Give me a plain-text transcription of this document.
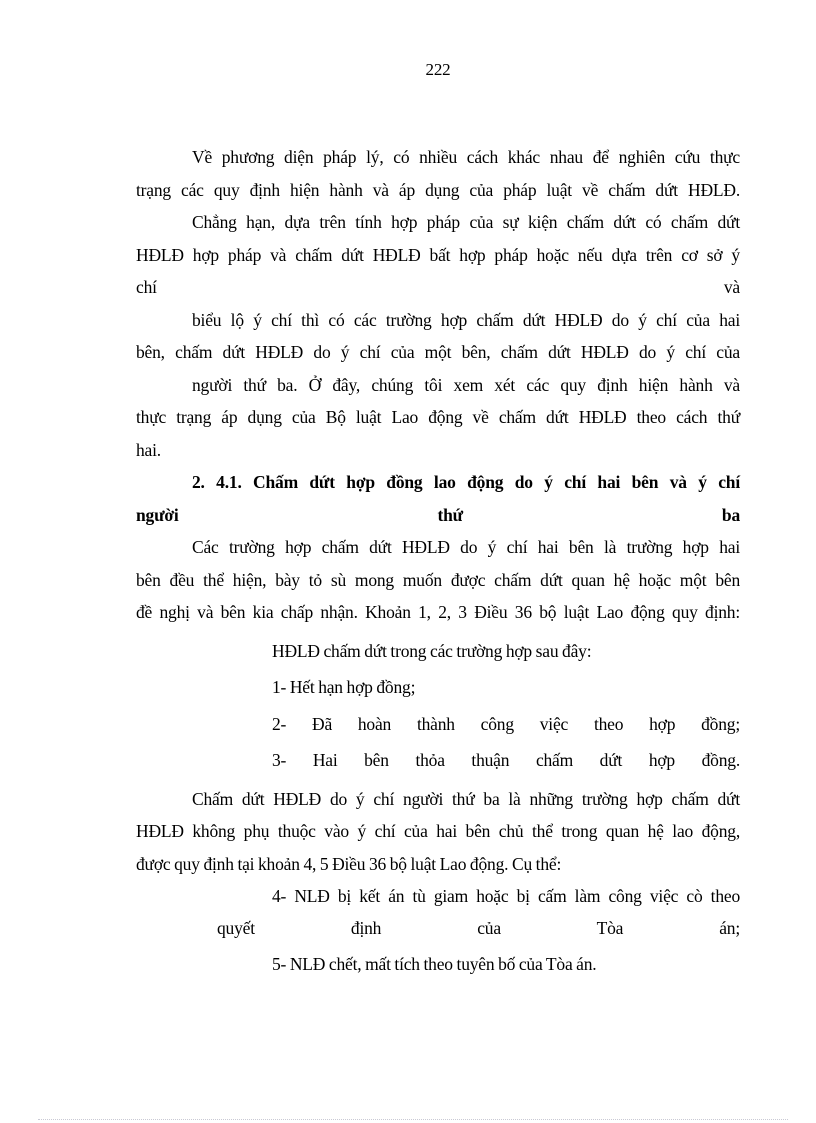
222
Về phương diện pháp lý, có nhiều cách khác nhau để nghiên cứu thực
trạng các quy định hiện hành và áp dụng của pháp luật về chấm dứt HĐLĐ.
Chẳng hạn, dựa trên tính hợp pháp của sự kiện chấm dứt có chấm dứt
HĐLĐ hợp pháp và chấm dứt HĐLĐ bất hợp pháp hoặc nếu dựa trên cơ sở ý
chí và
biểu lộ ý chí thì có các trường hợp chấm dứt HĐLĐ do ý chí của hai
bên, chấm dứt HĐLĐ do ý chí của một bên, chấm dứt HĐLĐ do ý chí của
người thứ ba. Ở đây, chúng tôi xem xét các quy định hiện hành và
thực trạng áp dụng của Bộ luật Lao động về chấm dứt HĐLĐ theo cách thứ
hai.
2. 4.1. Chấm dứt hợp đồng lao động do ý chí hai bên và ý chí
người thứ ba
Các trường hợp chấm dứt HĐLĐ do ý chí hai bên là trường hợp hai
bên đều thể hiện, bày tỏ sù mong muốn được chấm dứt quan hệ hoặc một bên
đề nghị và bên kia chấp nhận. Khoản 1, 2, 3 Điều 36 bộ luật Lao động quy định:
HĐLĐ chấm dứt trong các trường hợp sau đây:
1- Hết hạn hợp đồng;
2- Đã hoàn thành công việc theo hợp đồng;
3- Hai bên thỏa thuận chấm dứt hợp đồng.
Chấm dứt HĐLĐ do ý chí người thứ ba là những trường hợp chấm dứt
HĐLĐ không phụ thuộc vào ý chí của hai bên chủ thể trong quan hệ lao động,
được quy định tại khoản 4, 5 Điều 36 bộ luật Lao động. Cụ thể:
4- NLĐ bị kết án tù giam hoặc bị cấm làm công việc cò theo
quyết định của Tòa án;
5- NLĐ chết, mất tích theo tuyên bố của Tòa án.
